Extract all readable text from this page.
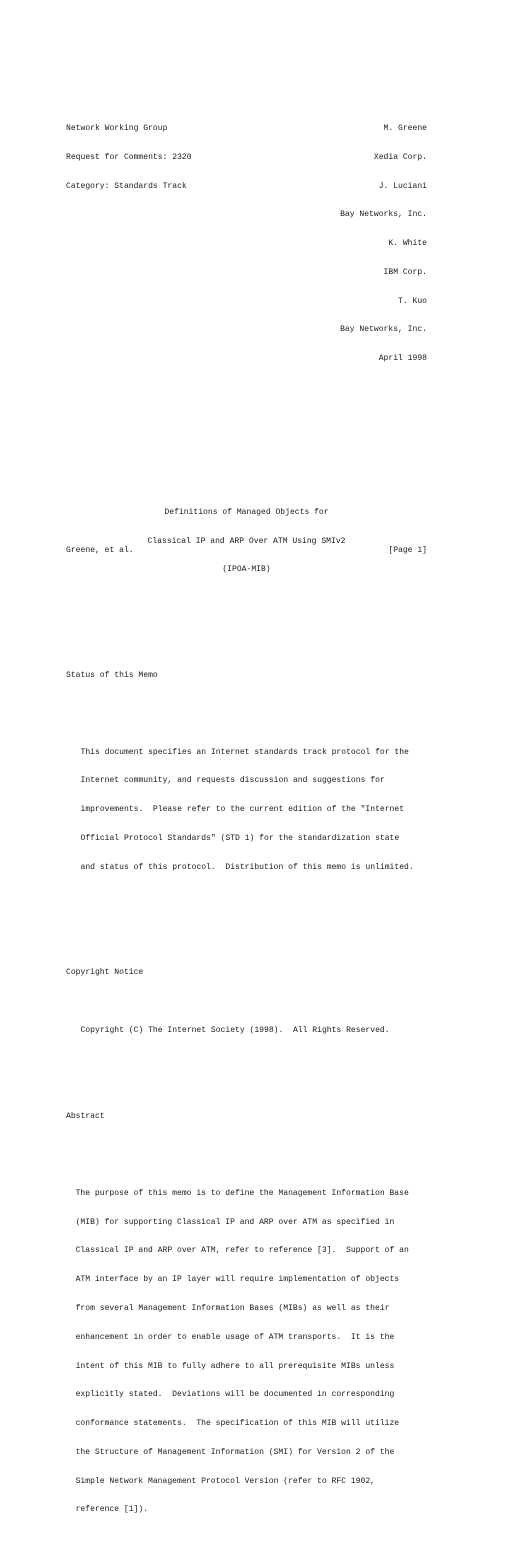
Network Working Group	M. Greene

Request for Comments: 2320	Xedia Corp.

Category: Standards Track	J. Luciani

Bay Networks, Inc.

K. White

IBM Corp.

T. Kuo

Bay Networks, Inc.

April 1998

Definitions of Managed Objects for

Classical IP and ARP Over ATM Using SMIv2

(IPOA-MIB)

Status of this Memo

This document specifies an Internet standards track protocol for the

Internet community, and requests discussion and suggestions for

improvements.  Please refer to the current edition of the "Internet

Official Protocol Standards" (STD 1) for the standardization state

and status of this protocol.  Distribution of this memo is unlimited.

Copyright Notice

Copyright (C) The Internet Society (1998).  All Rights Reserved.

Abstract

The purpose of this memo is to define the Management Information Base

(MIB) for supporting Classical IP and ARP over ATM as specified in

Classical IP and ARP over ATM, refer to reference [3].  Support of an

ATM interface by an IP layer will require implementation of objects

from several Management Information Bases (MIBs) as well as their

enhancement in order to enable usage of ATM transports.  It is the

intent of this MIB to fully adhere to all prerequisite MIBs unless

explicitly stated.  Deviations will be documented in corresponding

conformance statements.  The specification of this MIB will utilize

the Structure of Management Information (SMI) for Version 2 of the

Simple Network Management Protocol Version (refer to RFC 1902,

reference [1]).

Greene, et al.	[Page 1]
